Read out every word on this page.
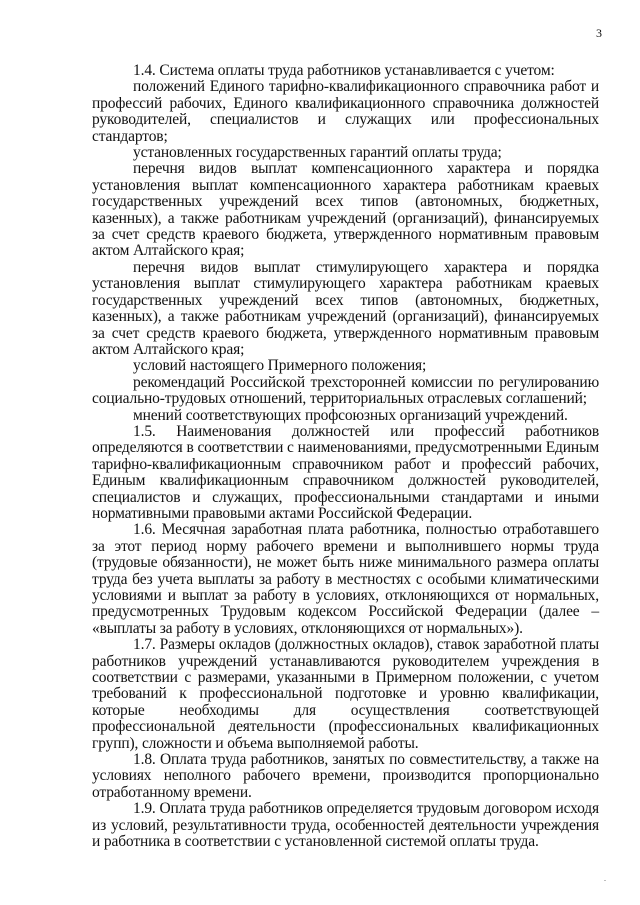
3

1.4. Система оплаты труда работников устанавливается с учетом:

положений Единого тарифно-квалификационного справочника работ и профессий рабочих, Единого квалификационного справочника должностей руководителей, специалистов и служащих или профессиональных стандартов;

установленных государственных гарантий оплаты труда;

перечня видов выплат компенсационного характера и порядка установления выплат компенсационного характера работникам краевых государственных учреждений всех типов (автономных, бюджетных, казенных), а также работникам учреждений (организаций), финансируемых за счет средств краевого бюджета, утвержденного нормативным правовым актом Алтайского края;

перечня видов выплат стимулирующего характера и порядка установления выплат стимулирующего характера работникам краевых государственных учреждений всех типов (автономных, бюджетных, казенных), а также работникам учреждений (организаций), финансируемых за счет средств краевого бюджета, утвержденного нормативным правовым актом Алтайского края;

условий настоящего Примерного положения;

рекомендаций Российской трехсторонней комиссии по регулированию социально-трудовых отношений, территориальных отраслевых соглашений;

мнений соответствующих профсоюзных организаций учреждений.

1.5. Наименования должностей или профессий работников определяются в соответствии с наименованиями, предусмотренными Единым тарифно-квалификационным справочником работ и профессий рабочих, Единым квалификационным справочником должностей руководителей, специалистов и служащих, профессиональными стандартами и иными нормативными правовыми актами Российской Федерации.

1.6. Месячная заработная плата работника, полностью отработавшего за этот период норму рабочего времени и выполнившего нормы труда (трудовые обязанности), не может быть ниже минимального размера оплаты труда без учета выплаты за работу в местностях с особыми климатическими условиями и выплат за работу в условиях, отклоняющихся от нормальных, предусмотренных Трудовым кодексом Российской Федерации (далее – «выплаты за работу в условиях, отклоняющихся от нормальных»).

1.7. Размеры окладов (должностных окладов), ставок заработной платы работников учреждений устанавливаются руководителем учреждения в соответствии с размерами, указанными в Примерном положении, с учетом требований к профессиональной подготовке и уровню квалификации, которые необходимы для осуществления соответствующей профессиональной деятельности (профессиональных квалификационных групп), сложности и объема выполняемой работы.

1.8. Оплата труда работников, занятых по совместительству, а также на условиях неполного рабочего времени, производится пропорционально отработанному времени.

1.9. Оплата труда работников определяется трудовым договором исходя из условий, результативности труда, особенностей деятельности учреждения и работника в соответствии с установленной системой оплаты труда.

.
